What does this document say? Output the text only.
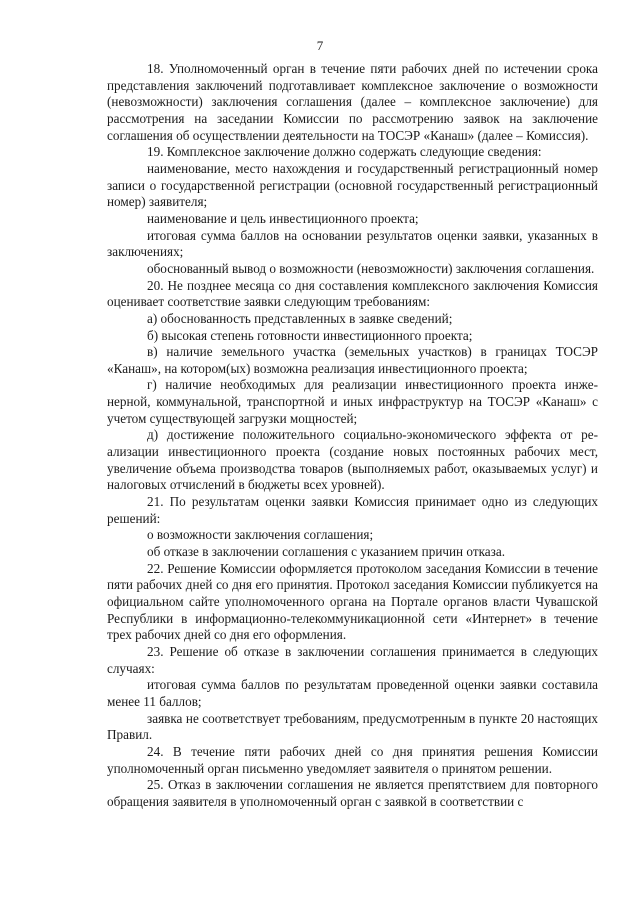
7

18. Уполномоченный орган в течение пяти рабочих дней по истечении срока представления заключений подготавливает комплексное заключение о возможности (невозможности) заключения соглашения (далее – комплексное заключение) для рассмотрения на заседании Комиссии по рассмотрению заявок на заключение соглашения об осуществлении деятельности на ТОСЭР «Канаш» (далее – Комиссия).

19. Комплексное заключение должно содержать следующие сведения:

наименование, место нахождения и государственный регистрационный номер записи о государственной регистрации (основной государственный регистрационный номер) заявителя;

наименование и цель инвестиционного проекта;

итоговая сумма баллов на основании результатов оценки заявки, указанных в заключениях;

обоснованный вывод о возможности (невозможности) заключения соглашения.

20. Не позднее месяца со дня составления комплексного заключения Комиссия оценивает соответствие заявки следующим требованиям:

а) обоснованность представленных в заявке сведений;

б) высокая степень готовности инвестиционного проекта;

в) наличие земельного участка (земельных участков) в границах ТОСЭР «Канаш», на котором(ых) возможна реализация инвестиционного проекта;

г) наличие необходимых для реализации инвестиционного проекта инженерной, коммунальной, транспортной и иных инфраструктур на ТОСЭР «Канаш» с учетом существующей загрузки мощностей;

д) достижение положительного социально-экономического эффекта от реализации инвестиционного проекта (создание новых постоянных рабочих мест, увеличение объема производства товаров (выполняемых работ, оказываемых услуг) и налоговых отчислений в бюджеты всех уровней).

21. По результатам оценки заявки Комиссия принимает одно из следующих решений:

о возможности заключения соглашения;

об отказе в заключении соглашения с указанием причин отказа.

22. Решение Комиссии оформляется протоколом заседания Комиссии в течение пяти рабочих дней со дня его принятия. Протокол заседания Комиссии публикуется на официальном сайте уполномоченного органа на Портале органов власти Чувашской Республики в информационно-телекоммуникационной сети «Интернет» в течение трех рабочих дней со дня его оформления.

23. Решение об отказе в заключении соглашения принимается в следующих случаях:

итоговая сумма баллов по результатам проведенной оценки заявки составила менее 11 баллов;

заявка не соответствует требованиям, предусмотренным в пункте 20 настоящих Правил.

24. В течение пяти рабочих дней со дня принятия решения Комиссии уполномоченный орган письменно уведомляет заявителя о принятом решении.

25. Отказ в заключении соглашения не является препятствием для повторного обращения заявителя в уполномоченный орган с заявкой в соответствии с
